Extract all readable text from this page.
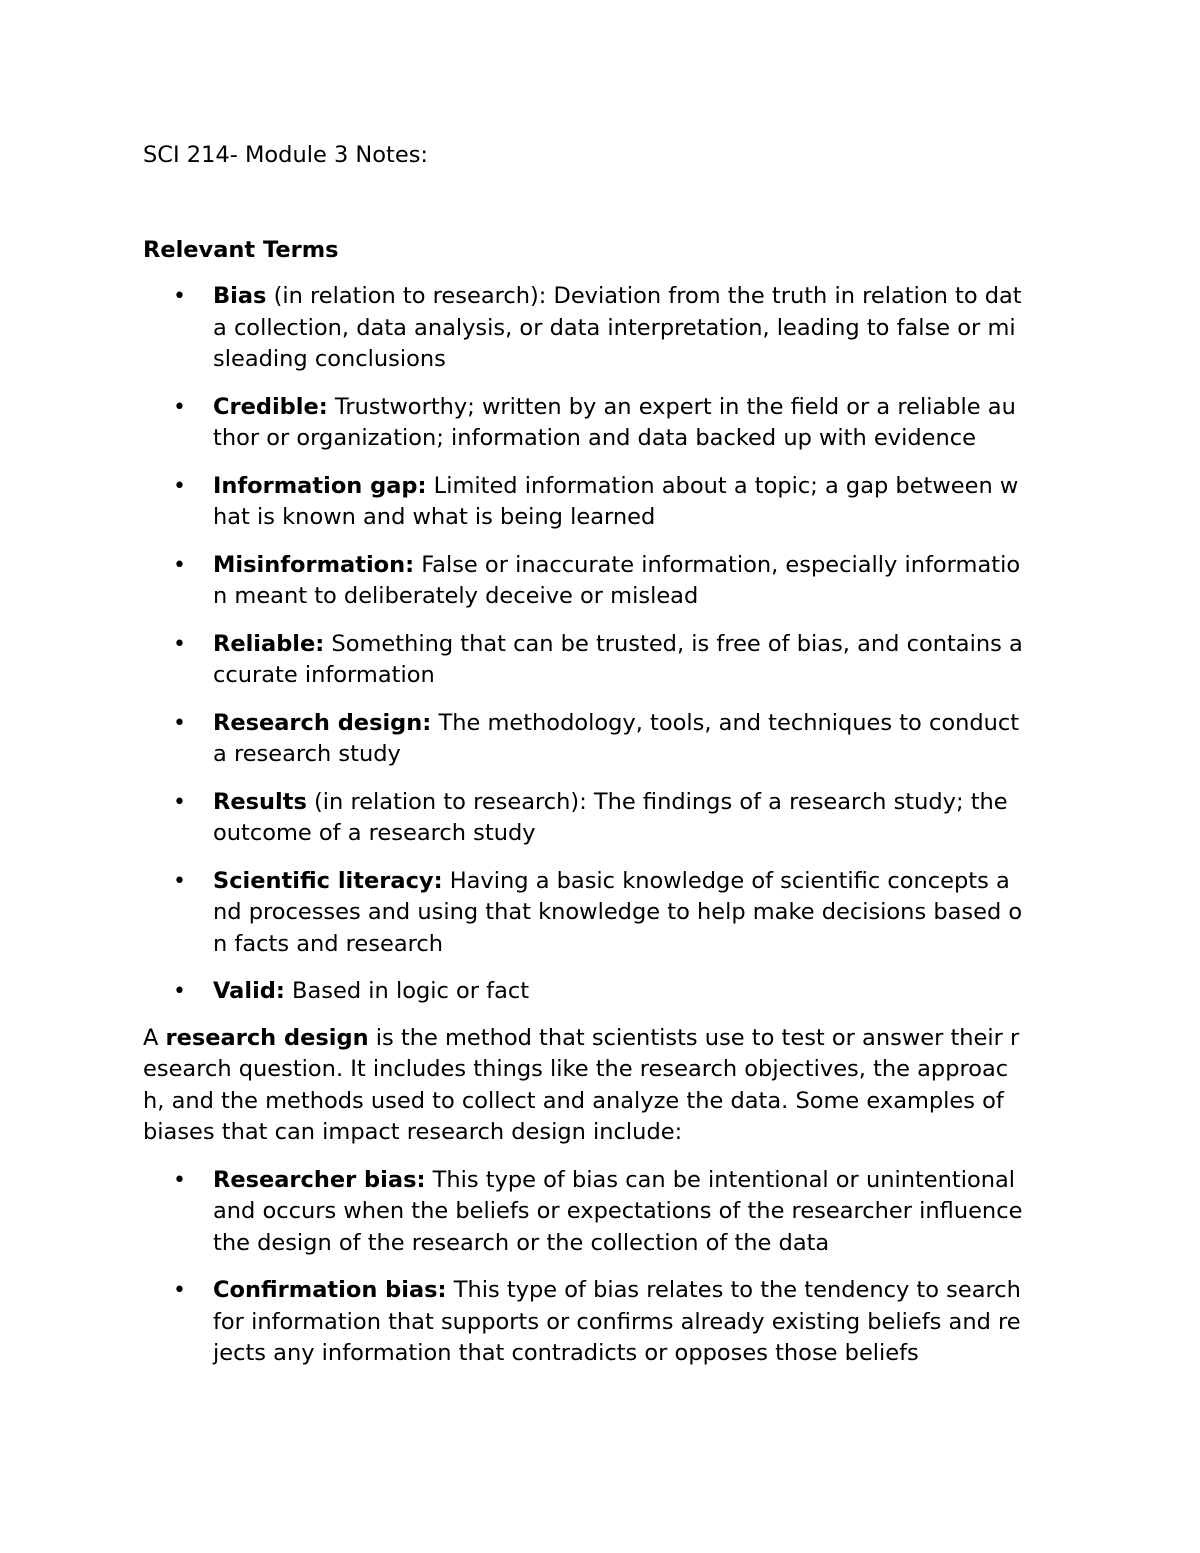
SCI 214- Module 3 Notes:
Relevant Terms
• Bias (in relation to research): Deviation from the truth in relation to dat
a collection, data analysis, or data interpretation, leading to false or mi
sleading conclusions
• Credible: Trustworthy; written by an expert in the field or a reliable au
thor or organization; information and data backed up with evidence
• Information gap: Limited information about a topic; a gap between w
hat is known and what is being learned
• Misinformation: False or inaccurate information, especially informatio
n meant to deliberately deceive or mislead
• Reliable: Something that can be trusted, is free of bias, and contains a
ccurate information
• Research design: The methodology, tools, and techniques to conduct
a research study
• Results (in relation to research): The findings of a research study; the
outcome of a research study
• Scientific literacy: Having a basic knowledge of scientific concepts a
nd processes and using that knowledge to help make decisions based o
n facts and research
• Valid: Based in logic or fact
A research design is the method that scientists use to test or answer their r
esearch question. It includes things like the research objectives, the approac
h, and the methods used to collect and analyze the data. Some examples of
biases that can impact research design include:
• Researcher bias: This type of bias can be intentional or unintentional
and occurs when the beliefs or expectations of the researcher influence
the design of the research or the collection of the data
• Confirmation bias: This type of bias relates to the tendency to search
for information that supports or confirms already existing beliefs and re
jects any information that contradicts or opposes those beliefs
